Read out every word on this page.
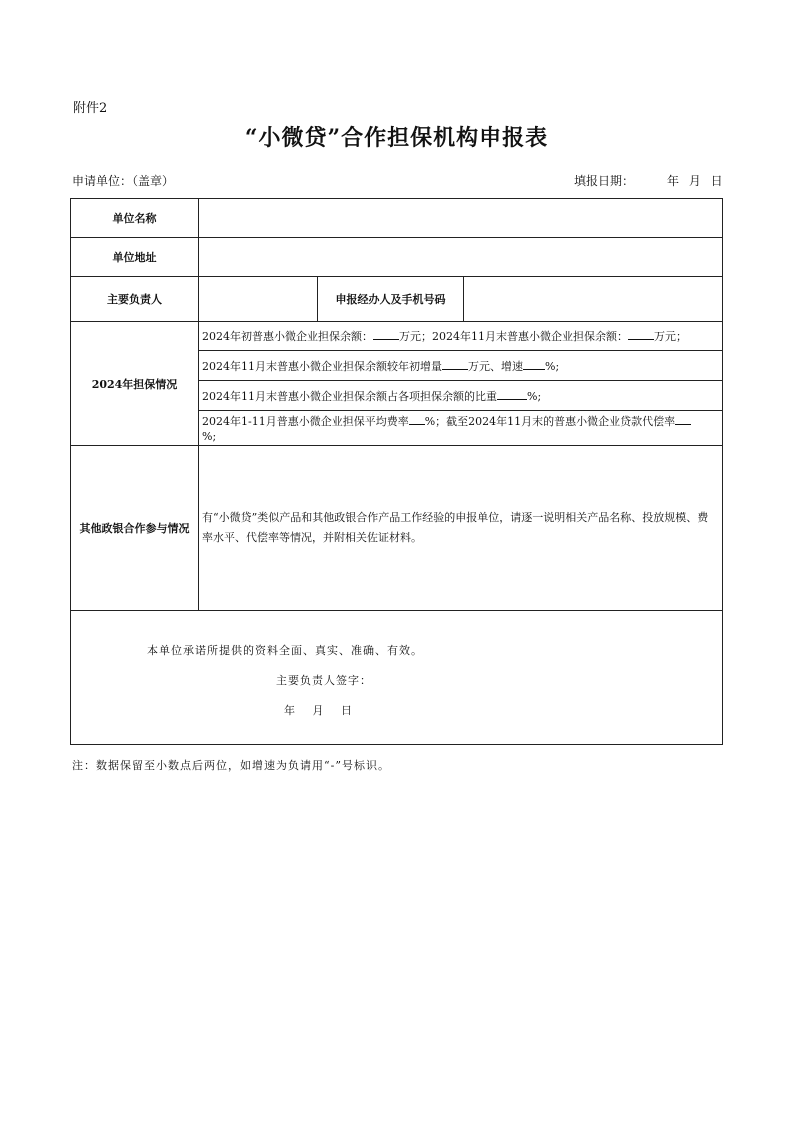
附件2
“小微贷”合作担保机构申报表
申请单位：（盖章）	填报日期：	年 月 日
单位名称			
单位地址			
主要负责人		申报经办人及手机号码	
2024年担保情况	2024年初普惠小微企业担保余额： 万元；2024年11月末普惠小微企业担保余额： 万元；		
	2024年11月末普惠小微企业担保余额较年初增量 万元、增速 %;		
	2024年11月末普惠小微企业担保余额占各项担保余额的比重 %;		
	2024年1-11月普惠小微企业担保平均费率 %；截至2024年11月末的普惠小微企业贷款代偿率
%;		
其他政银合作参与情况	有“小微贷”类似产品和其他政银合作产品工作经验的申报单位，请逐一说明相关产品名称、投放规模、费率水平、代偿率等情况，并附相关佐证材料。		

本单位承诺所提供的资料全面、真实、准确、有效。
主要负责人签字：
年 月 日			
注：数据保留至小数点后两位，如增速为负请用“-”号标识。
